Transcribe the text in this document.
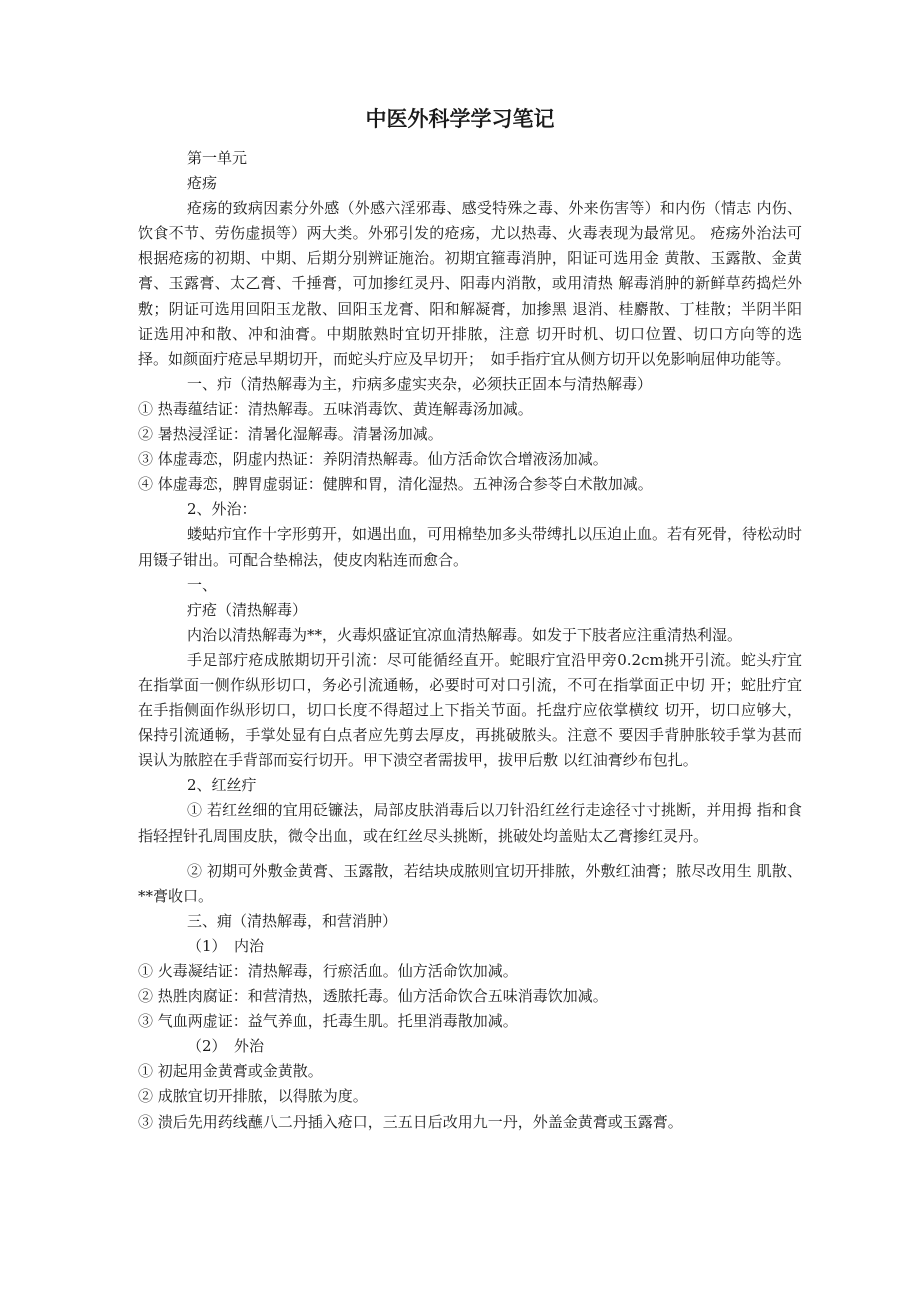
中医外科学学习笔记

第一单元

疮疡

疮疡的致病因素分外感（外感六淫邪毒、感受特殊之毒、外来伤害等）和内伤（情志 内伤、饮食不节、劳伤虚损等）两大类。外邪引发的疮疡，尤以热毒、火毒表现为最常见。 疮疡外治法可根据疮疡的初期、中期、后期分别辨证施治。初期宜箍毒消肿，阳证可选用金 黄散、玉露散、金黄膏、玉露膏、太乙膏、千捶膏，可加掺红灵丹、阳毒内消散，或用清热 解毒消肿的新鲜草药捣烂外敷；阴证可选用回阳玉龙散、回阳玉龙膏、阳和解凝膏，加掺黑 退消、桂麝散、丁桂散；半阴半阳证选用冲和散、冲和油膏。中期脓熟时宜切开排脓，注意 切开时机、切口位置、切口方向等的选择。如颜面疔疮忌早期切开，而蛇头疔应及早切开；　如手指疔宜从侧方切开以免影响屈伸功能等。

一、疖（清热解毒为主，疖病多虚实夹杂，必须扶正固本与清热解毒）

① 热毒蕴结证：清热解毒。五味消毒饮、黄连解毒汤加减。

② 暑热浸淫证：清暑化湿解毒。清暑汤加减。

③ 体虚毒恋，阴虚内热证：养阴清热解毒。仙方活命饮合增液汤加减。

④ 体虚毒恋，脾胃虚弱证：健脾和胃，清化湿热。五神汤合参苓白术散加减。

2、外治：

蝼蛄疖宜作十字形剪开，如遇出血，可用棉垫加多头带缚扎以压迫止血。若有死骨，待松动时用镊子钳出。可配合垫棉法，使皮肉粘连而愈合。

一、

疔疮（清热解毒）

内治以清热解毒为**，火毒炽盛证宜凉血清热解毒。如发于下肢者应注重清热利湿。

手足部疔疮成脓期切开引流：尽可能循经直开。蛇眼疔宜沿甲旁0.2cm挑开引流。蛇头疔宜在指掌面一侧作纵形切口，务必引流通畅，必要时可对口引流，不可在指掌面正中切 开；蛇肚疔宜在手指侧面作纵形切口，切口长度不得超过上下指关节面。托盘疔应依掌横纹 切开，切口应够大，保持引流通畅，手掌处显有白点者应先剪去厚皮，再挑破脓头。注意不 要因手背肿胀较手掌为甚而误认为脓腔在手背部而妄行切开。甲下溃空者需拔甲，拔甲后敷 以红油膏纱布包扎。

2、红丝疔

① 若红丝细的宜用砭镰法，局部皮肤消毒后以刀针沿红丝行走途径寸寸挑断，并用拇 指和食指轻捏针孔周围皮肤，微令出血，或在红丝尽头挑断，挑破处均盖贴太乙膏掺红灵丹。

② 初期可外敷金黄膏、玉露散，若结块成脓则宜切开排脓，外敷红油膏；脓尽改用生 肌散、**膏收口。

三、痈（清热解毒，和营消肿）

（1）　内治

① 火毒凝结证：清热解毒，行瘀活血。仙方活命饮加减。

② 热胜肉腐证：和营清热，透脓托毒。仙方活命饮合五味消毒饮加减。

③ 气血两虚证：益气养血，托毒生肌。托里消毒散加减。

（2）　外治

① 初起用金黄膏或金黄散。

② 成脓宜切开排脓，以得脓为度。

③ 溃后先用药线蘸八二丹插入疮口，三五日后改用九一丹，外盖金黄膏或玉露膏。
